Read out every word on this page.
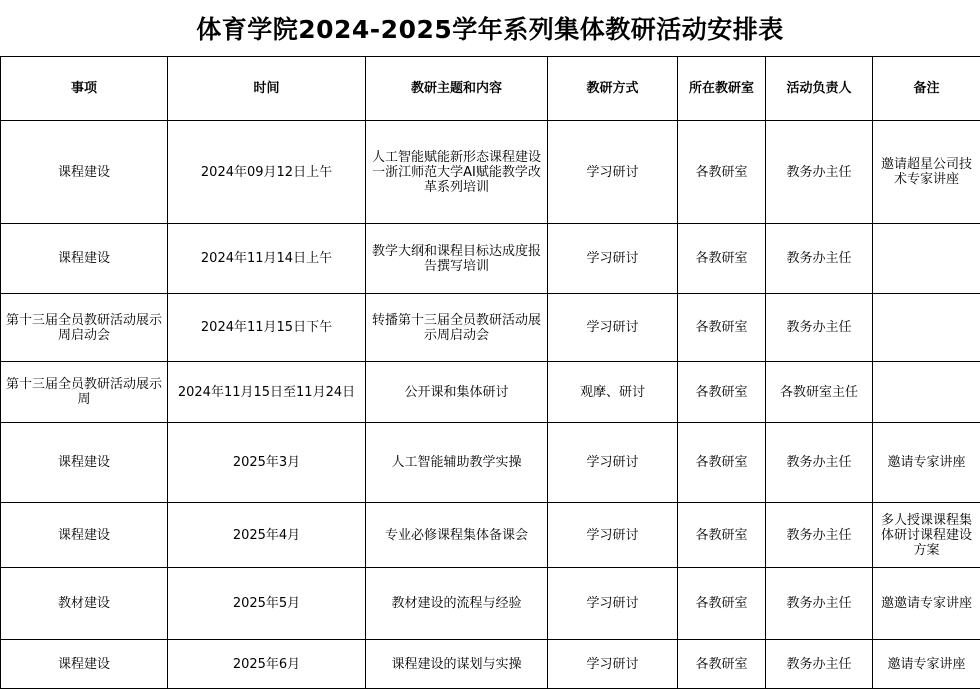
体育学院2024-2025学年系列集体教研活动安排表
事项	时间	教研主题和内容	教研方式	所在教研室	活动负责人	备注
课程建设	2024年09月12日上午	人工智能赋能新形态课程建设一浙江师范大学AI赋能教学改革系列培训	学习研讨	各教研室	教务办主任	邀请超星公司技术专家讲座
课程建设	2024年11月14日上午	教学大纲和课程目标达成度报告撰写培训	学习研讨	各教研室	教务办主任	
第十三届全员教研活动展示周启动会	2024年11月15日下午	转播第十三届全员教研活动展示周启动会	学习研讨	各教研室	教务办主任	
第十三届全员教研活动展示周	2024年11月15日至11月24日	公开课和集体研讨	观摩、研讨	各教研室	各教研室主任	
课程建设	2025年3月	人工智能辅助教学实操	学习研讨	各教研室	教务办主任	邀请专家讲座
课程建设	2025年4月	专业必修课程集体备课会	学习研讨	各教研室	教务办主任	多人授课课程集体研讨课程建设方案
教材建设	2025年5月	教材建设的流程与经验	学习研讨	各教研室	教务办主任	邀邀请专家讲座
课程建设	2025年6月	课程建设的谋划与实操	学习研讨	各教研室	教务办主任	邀请专家讲座
